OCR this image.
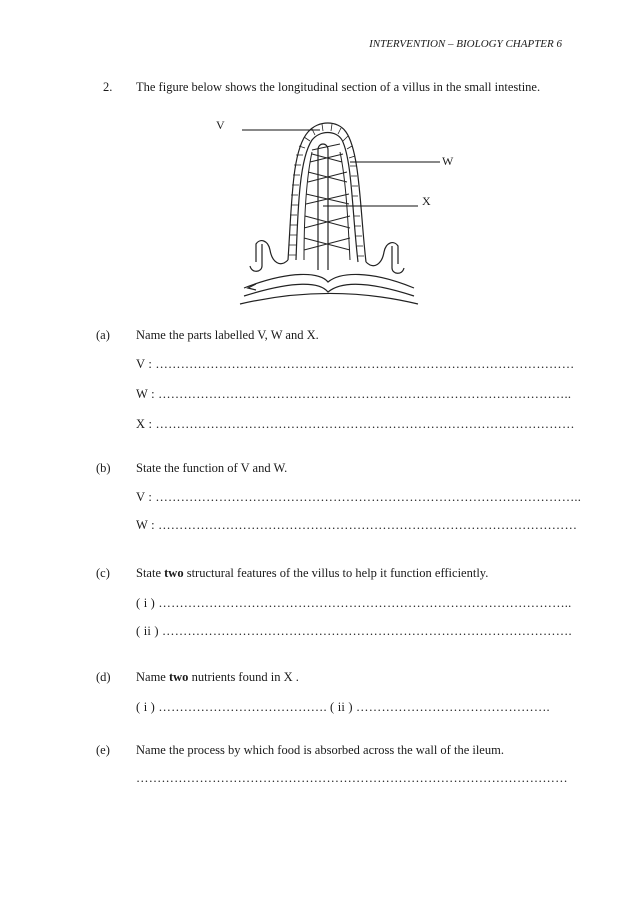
INTERVENTION – BIOLOGY CHAPTER 6
2. The figure below shows the longitudinal section of a villus in the small intestine.
V
W
X
(a) Name the parts labelled V, W and X.
V : ………………………………………………………………………………………
W : ……………………………………………………………………………………..
X : ………………………………………………………………………………………
(b) State the function of V and W.
V : ………………………………………………………………………………………..
W : ………………………………………………………………………………………
(c) State two structural features of the villus to help it function efficiently.
( i ) ……………………………………………………………………………………..
( ii ) …………………………………………………………………………………….
(d) Name two nutrients found in X .
( i ) …………………………………. ( ii ) ……………………………………….
(e) Name the process by which food is absorbed across the wall of the ileum.
…………………………………………………………………………………………
